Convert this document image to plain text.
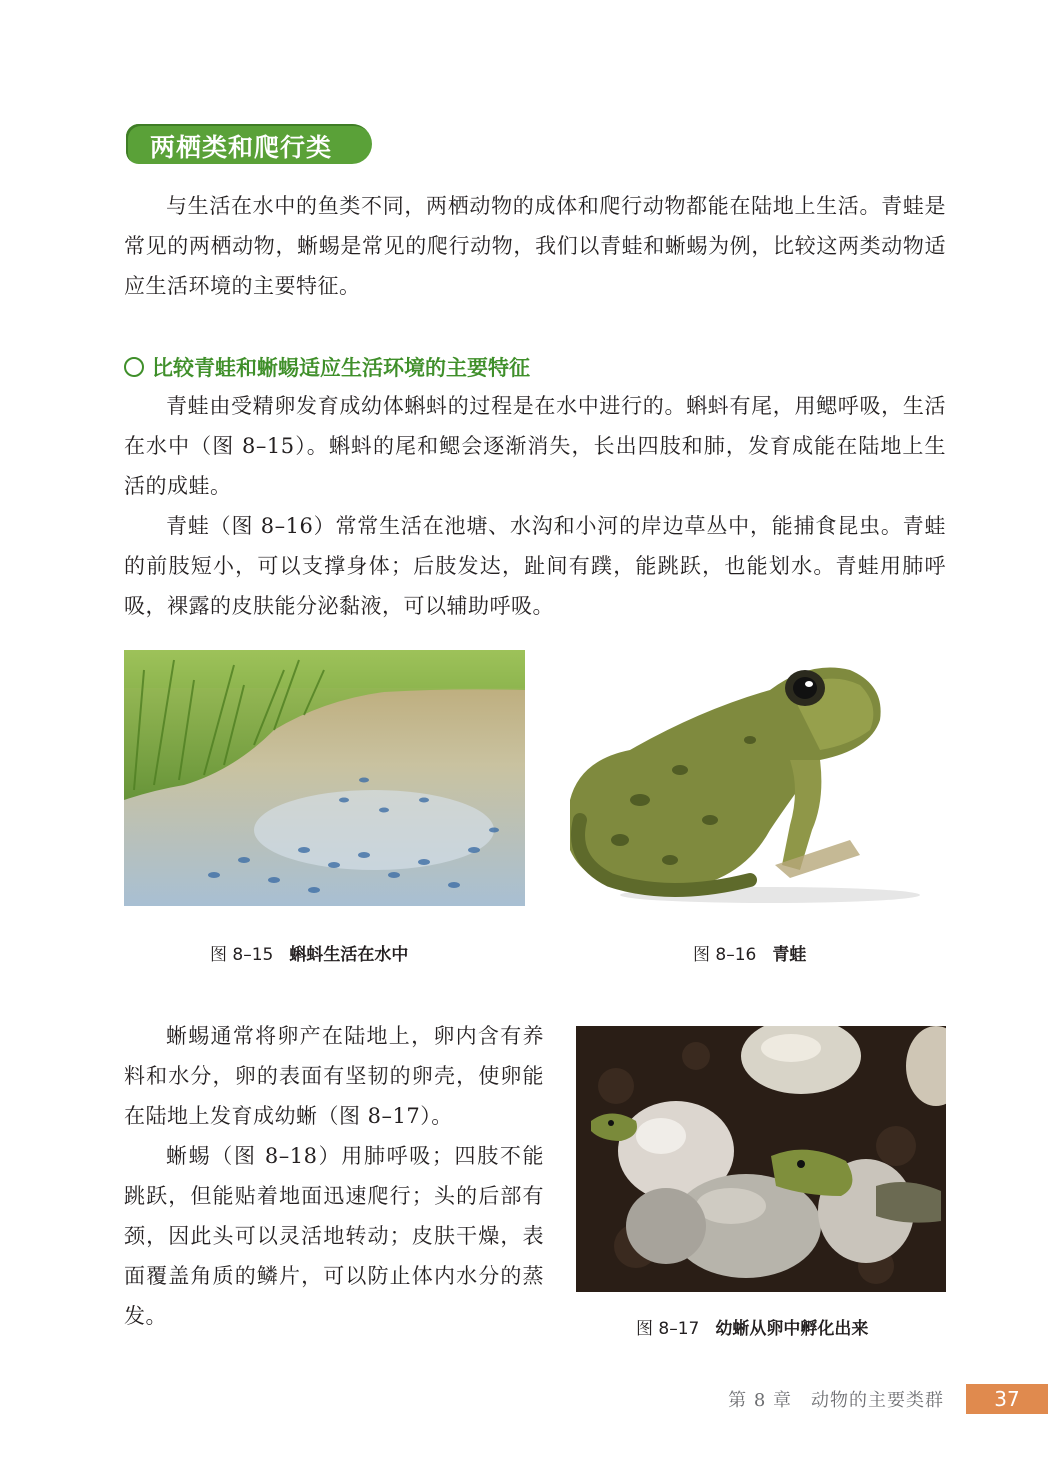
两栖类和爬行类

与生活在水中的鱼类不同，两栖动物的成体和爬行动物都能在陆地上生活。青蛙是常见的两栖动物，蜥蜴是常见的爬行动物，我们以青蛙和蜥蜴为例，比较这两类动物适应生活环境的主要特征。

比较青蛙和蜥蜴适应生活环境的主要特征

青蛙由受精卵发育成幼体蝌蚪的过程是在水中进行的。蝌蚪有尾，用鳃呼吸，生活在水中（图 8–15）。蝌蚪的尾和鳃会逐渐消失，长出四肢和肺，发育成能在陆地上生活的成蛙。

青蛙（图 8–16）常常生活在池塘、水沟和小河的岸边草丛中，能捕食昆虫。青蛙的前肢短小，可以支撑身体；后肢发达，趾间有蹼，能跳跃，也能划水。青蛙用肺呼吸，裸露的皮肤能分泌黏液，可以辅助呼吸。

图 8–15 蝌蚪生活在水中	图 8–16 青蛙

蜥蜴通常将卵产在陆地上，卵内含有养料和水分，卵的表面有坚韧的卵壳，使卵能在陆地上发育成幼蜥（图 8–17）。

蜥蜴（图 8–18）用肺呼吸；四肢不能跳跃，但能贴着地面迅速爬行；头的后部有颈，因此头可以灵活地转动；皮肤干燥，表面覆盖角质的鳞片，可以防止体内水分的蒸发。

图 8–17 幼蜥从卵中孵化出来
第 8 章　动物的主要类群	37
